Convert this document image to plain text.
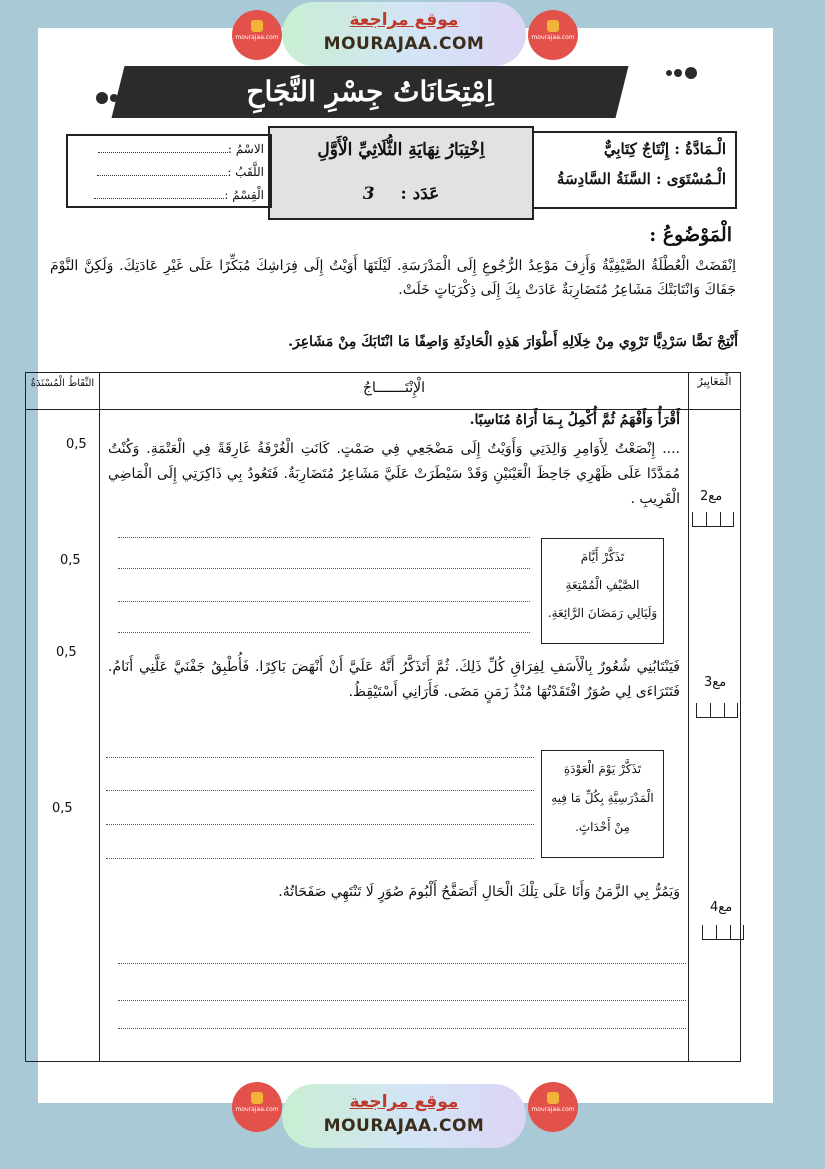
mourajaa.com
موقع مراجعة
MOURAJAA.COM	mourajaa.com
mourajaa.com	موقع مراجعة
MOURAJAA.COM
mourajaa.com
اِمْتِحَانَاتُ جِسْرِ النَّجَاحِ
الْـمَادَّةُ : إِنْتَاجٌ كِتَابِيٌّ
الْـمُسْتَوَى : السَّنَةُ السَّادِسَةُ
اِخْتِبَارُ نِهَايَةِ الثُّلَاثِيِّ الْأَوَّلِ
عَدَد : 3
الاسْمُ :
اللَّقَبُ :
الْقِسْمُ :
الْمَوْضُوعُ :
اِنْقَضَتْ الْعُطْلَةُ الصَّيْفِيَّةُ وَأَزِفَ مَوْعِدُ الرُّجُوعِ إِلَى الْمَدْرَسَةِ. لَيْلَتَهَا أَوَيْتُ إِلَى فِرَاشِكَ مُبَكِّرًا عَلَى غَيْرِ عَادَتِكَ. وَلَكِنَّ النَّوْمَ جَفَاكَ وَانْتَابَتْكَ مَشَاعِرُ مُتَضَارِبَةٌ عَادَتْ بِكَ إِلَى ذِكْرَيَاتٍ خَلَتْ.
أَنْتِجْ نَصًّا سَرْدِيًّا تَرْوِي مِنْ خِلَالِهِ أَطْوَارَ هَذِهِ الْحَادِثَةِ وَاصِفًا مَا انْتَابَكَ مِنْ مَشَاعِرَ.
الْمَعَايِيرُ
الْإِنْتَـــــــاجُ
النِّقَاطُ الْمُسْنَدَةُ
أَقْرَأُ وَأَفْهَمُ ثُمَّ أُكْمِلُ بِـمَا أَرَاهُ مُنَاسِبًا.
.... إِنْصَعْتُ لِأَوَامِرِ وَالِدَتِي وَأَوَيْتُ إِلَى مَضْجَعِي فِي صَمْتٍ. كَانَتِ الْغُرْفَةُ غَارِقَةً فِي الْعَتْمَةِ. وَكُنْتُ مُمَدَّدًا عَلَى ظَهْرِي جَاحِظَ الْعَيْنَيْنِ وَقَدْ سَيْطَرَتْ عَلَيَّ مَشَاعِرُ مُتَضَارِبَةٌ. فَتَعُودُ بِي ذَاكِرَتِي إِلَى الْمَاضِي الْقَرِيبِ .
تَذَكَّرْ أَيَّامَ
الصَّيْفِ الْمُمْتِعَةِ
وَلَيَالِي رَمَضَانَ الرَّائِعَةِ.
فَيَنْتَابُنِي شُعُورٌ بِالْأَسَفِ لِفِرَاقِ كُلِّ ذَلِكَ. ثُمَّ أَتَذَكَّرُ أَنَّهُ عَلَيَّ أَنْ أَنْهَضَ بَاكِرًا. فَأُطْبِقُ جَفْنَيَّ عَلَّنِي أَنَامُ. فَتَتَرَاءَى لِي صُوَرٌ افْتَقَدْتُهَا مُنْذُ زَمَنٍ مَضَى. فَأَرَانِي أَسْتَيْقِظُ.
تَذَكَّرْ يَوْمَ الْعَوْدَةِ
الْمَدْرَسِيَّةِ بِكُلِّ مَا فِيهِ
مِنْ أَحْدَاثٍ.
وَيَمُرُّ بِي الزَّمَنُ وَأَنَا عَلَى تِلْكَ الْحَالِ أَتَصَفَّحُ أَلْبُومَ صُوَرٍ لَا تَنْتَهِي صَفَحَاتُهُ.
مع2
مع3
مع4
0,5
0,5
0,5
0,5
